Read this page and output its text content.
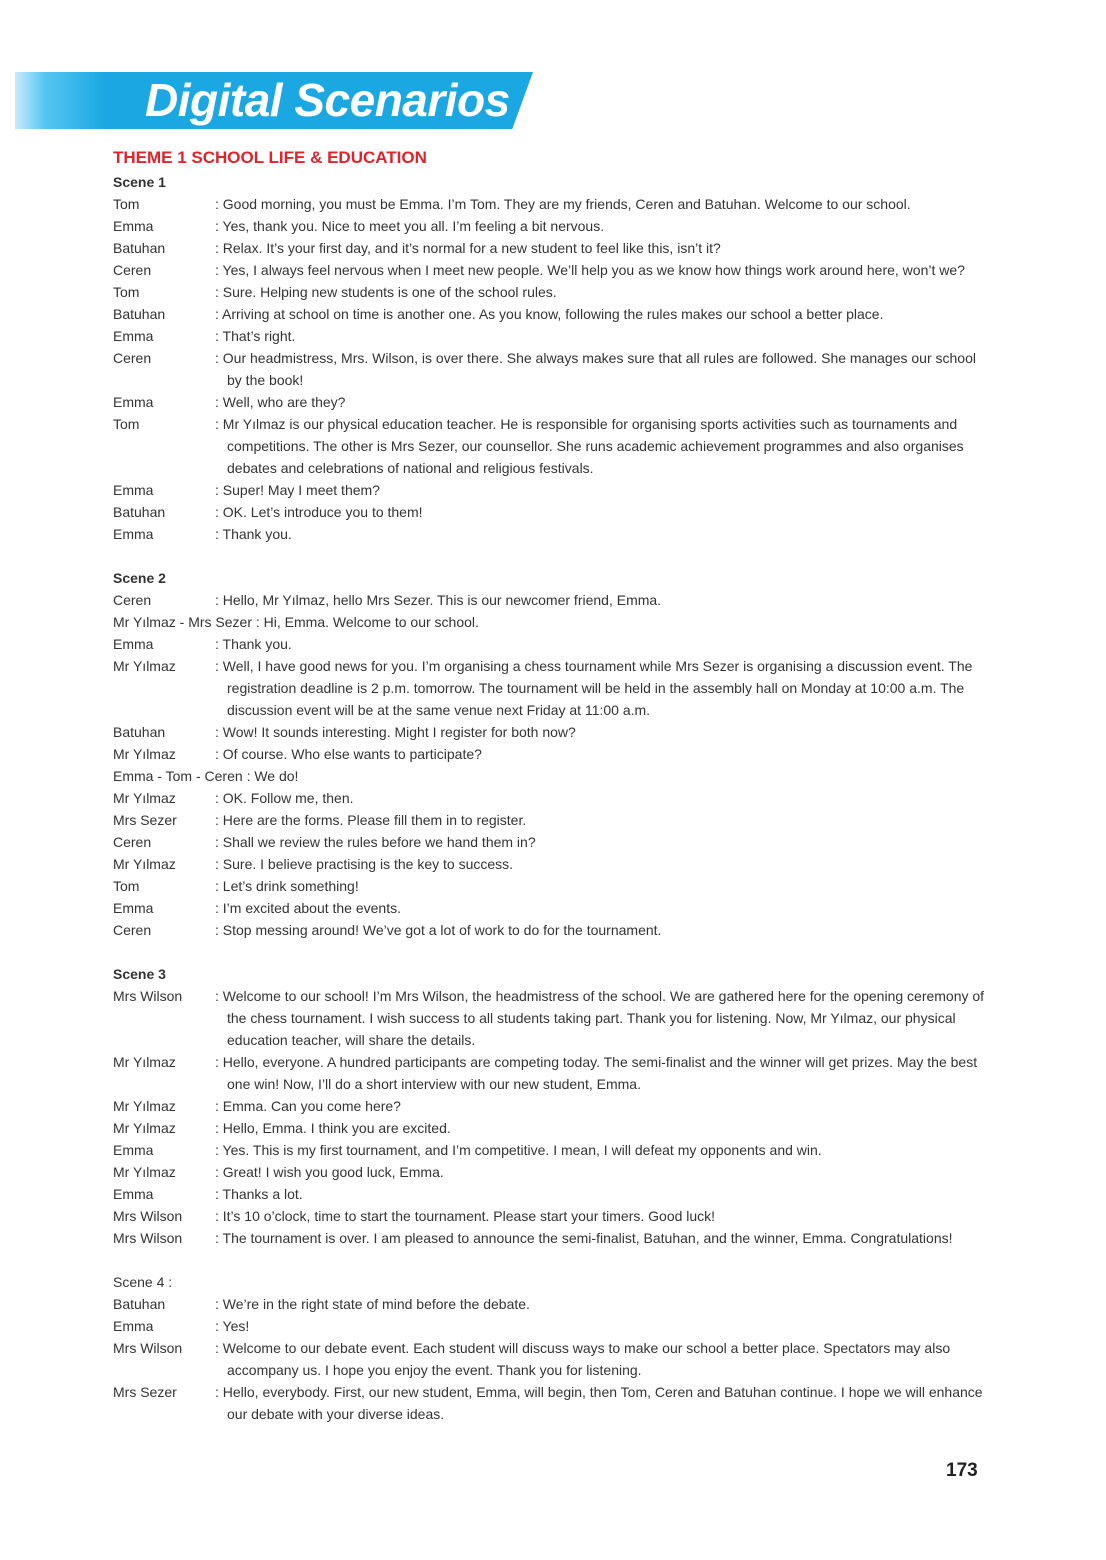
Digital Scenarios
THEME 1 SCHOOL LIFE & EDUCATION
Scene 1
Tom	: Good morning, you must be Emma. I’m Tom. They are my friends, Ceren and Batuhan. Welcome to our school.
Emma	: Yes, thank you. Nice to meet you all. I’m feeling a bit nervous.
Batuhan	: Relax. It’s your first day, and it’s normal for a new student to feel like this, isn’t it?
Ceren	: Yes, I always feel nervous when I meet new people. We’ll help you as we know how things work around here, won’t we?
Tom	: Sure. Helping new students is one of the school rules.
Batuhan	: Arriving at school on time is another one. As you know, following the rules makes our school a better place.
Emma	: That’s right.
Ceren	: Our headmistress, Mrs. Wilson, is over there. She always makes sure that all rules are followed. She manages our school by the book!
Emma	: Well, who are they?
Tom	: Mr Yılmaz is our physical education teacher. He is responsible for organising sports activities such as tournaments and competitions. The other is Mrs Sezer, our counsellor. She runs academic achievement programmes and also organises debates and celebrations of national and religious festivals.
Emma	: Super! May I meet them?
Batuhan	: OK. Let’s introduce you to them!
Emma	: Thank you.
Scene 2
Ceren	: Hello, Mr Yılmaz, hello Mrs Sezer. This is our newcomer friend, Emma.
Mr Yılmaz - Mrs Sezer : Hi, Emma. Welcome to our school.
Emma	: Thank you.
Mr Yılmaz	: Well, I have good news for you. I’m organising a chess tournament while Mrs Sezer is organising a discussion event. The registration deadline is 2 p.m. tomorrow. The tournament will be held in the assembly hall on Monday at 10:00 a.m. The discussion event will be at the same venue next Friday at 11:00 a.m.
Batuhan	: Wow! It sounds interesting. Might I register for both now?
Mr Yılmaz	: Of course. Who else wants to participate?
Emma - Tom - Ceren : We do!
Mr Yılmaz	: OK. Follow me, then.
Mrs Sezer	: Here are the forms. Please fill them in to register.
Ceren	: Shall we review the rules before we hand them in?
Mr Yılmaz	: Sure. I believe practising is the key to success.
Tom	: Let’s drink something!
Emma	: I’m excited about the events.
Ceren	: Stop messing around! We’ve got a lot of work to do for the tournament.
Scene 3
Mrs Wilson	: Welcome to our school! I’m Mrs Wilson, the headmistress of the school. We are gathered here for the opening ceremony of the chess tournament. I wish success to all students taking part. Thank you for listening. Now, Mr Yılmaz, our physical education teacher, will share the details.
Mr Yılmaz	: Hello, everyone. A hundred participants are competing today. The semi-finalist and the winner will get prizes. May the best one win! Now, I’ll do a short interview with our new student, Emma.
Mr Yılmaz	: Emma. Can you come here?
Mr Yılmaz	: Hello, Emma. I think you are excited.
Emma	: Yes. This is my first tournament, and I’m competitive. I mean, I will defeat my opponents and win.
Mr Yılmaz	: Great! I wish you good luck, Emma.
Emma	: Thanks a lot.
Mrs Wilson	: It’s 10 o’clock, time to start the tournament. Please start your timers. Good luck!
Mrs Wilson	: The tournament is over. I am pleased to announce the semi-finalist, Batuhan, and the winner, Emma. Congratulations!
Scene 4 :
Batuhan	: We’re in the right state of mind before the debate.
Emma	: Yes!
Mrs Wilson	: Welcome to our debate event. Each student will discuss ways to make our school a better place. Spectators may also accompany us. I hope you enjoy the event. Thank you for listening.
Mrs Sezer	: Hello, everybody. First, our new student, Emma, will begin, then Tom, Ceren and Batuhan continue. I hope we will enhance our debate with your diverse ideas.
173
